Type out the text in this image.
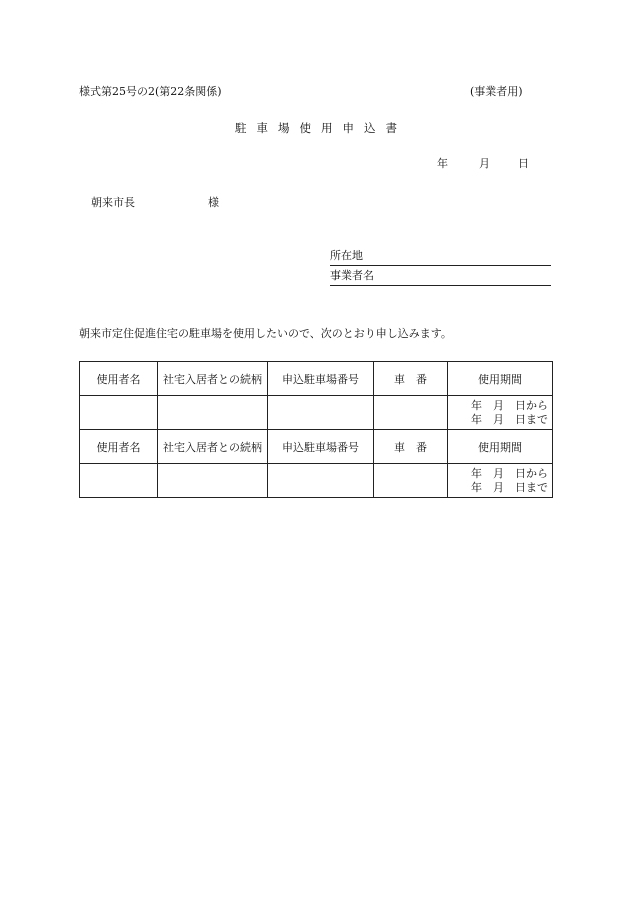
様式第25号の2(第22条関係)	(事業者用)
駐車場使用申込書
年	月	日
朝来市長	様
所在地
事業者名
朝来市定住促進住宅の駐車場を使用したいので、次のとおり申し込みます。
使用者名	社宅入居者との続柄	申込駐車場番号	車　番	使用期間

				年　月　日から
年　月　日まで

使用者名	社宅入居者との続柄	申込駐車場番号	車　番	使用期間

				年　月　日から
年　月　日まで
